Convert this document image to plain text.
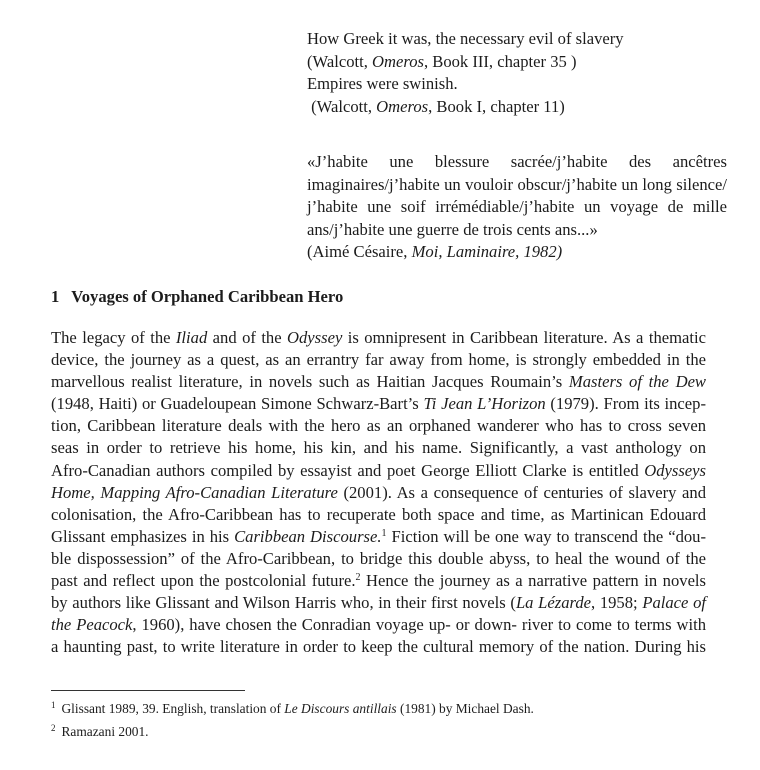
How Greek it was, the necessary evil of slavery

(Walcott, Omeros, Book III, chapter 35 )

Empires were swinish.

(Walcott, Omeros, Book I, chapter 11)

«J’habite une blessure sacrée/j’habite des ancêtres imaginaires/j’habite un vouloir obscur/j’habite un long silence/ j’habite une soif irrémédiable/j’habite un voyage de mille ans/j’habite une guerre de trois cents ans...»

(Aimé Césaire, Moi, Laminaire, 1982)

1 Voyages of Orphaned Caribbean Hero
The legacy of the Iliad and of the Odyssey is omnipresent in Caribbean literature. As a thematic
device, the journey as a quest, as an errantry far away from home, is strongly embedded in the
marvellous realist literature, in novels such as Haitian Jacques Roumain’s Masters of the Dew
(1948, Haiti) or Guadeloupean Simone Schwarz-Bart’s Ti Jean L’Horizon (1979). From its incep-
tion, Caribbean literature deals with the hero as an orphaned wanderer who has to cross seven
seas in order to retrieve his home, his kin, and his name. Significantly, a vast anthology on
Afro-Canadian authors compiled by essayist and poet George Elliott Clarke is entitled Odysseys
Home, Mapping Afro-Canadian Literature (2001). As a consequence of centuries of slavery and
colonisation, the Afro-Caribbean has to recuperate both space and time, as Martinican Edouard
Glissant emphasizes in his Caribbean Discourse.$^1$ Fiction will be one way to transcend the “dou-
ble dispossession” of the Afro-Caribbean, to bridge this double abyss, to heal the wound of the
past and reflect upon the postcolonial future.$^2$ Hence the journey as a narrative pattern in novels
by authors like Glissant and Wilson Harris who, in their first novels (La Lézarde, 1958; Palace of
the Peacock, 1960), have chosen the Conradian voyage up- or down- river to come to terms with
a haunting past, to write literature in order to keep the cultural memory of the nation. During his

$^1$ Glissant 1989, 39. English, translation of Le Discours antillais (1981) by Michael Dash.

$^2$ Ramazani 2001.
